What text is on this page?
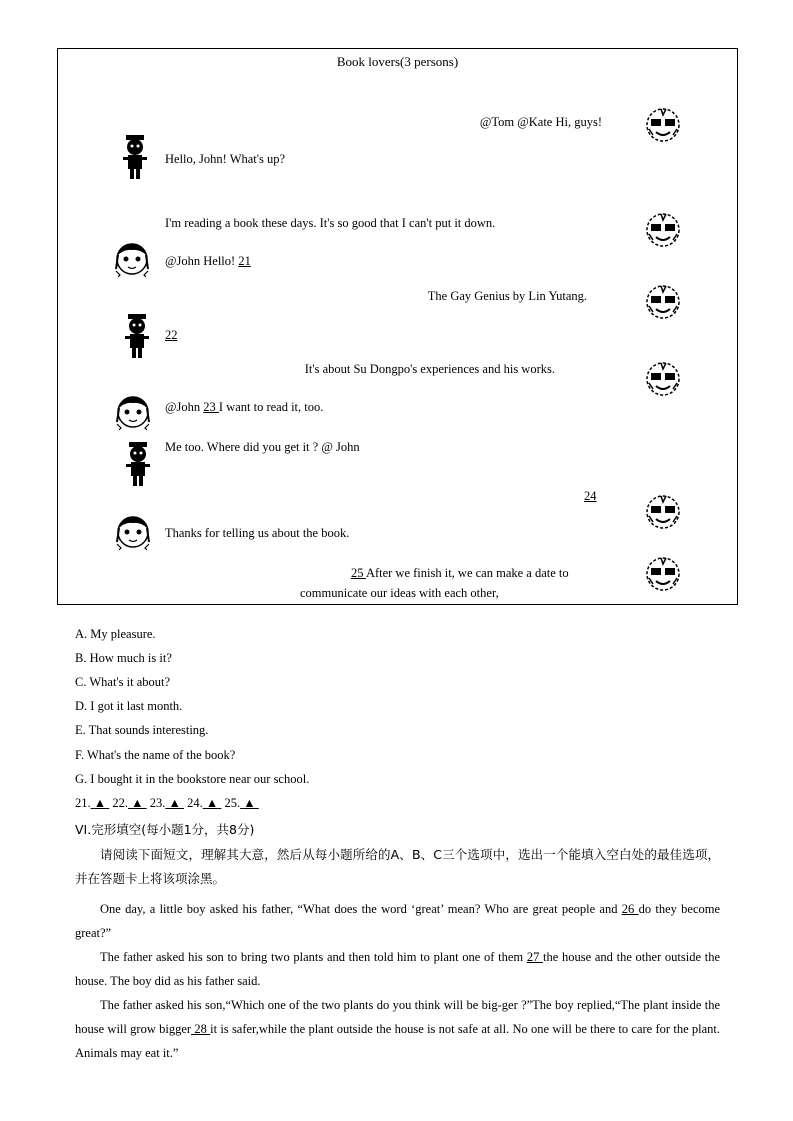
Book lovers(3 persons)
@Tom @Kate Hi, guys!
Hello, John! What's up?
I'm reading a book these days. It's so good that I can't put it down.
@John Hello! 21
The Gay Genius by Lin Yutang.
22
It's about Su Dongpo's experiences and his works.
@John 23 I want to read it, too.
Me too. Where did you get it ? @ John
24
Thanks for telling us about the book.
25 After we finish it, we can make a date to
communicate our ideas with each other,
A. My pleasure.
B. How much is it?
C. What's it about?
D. I got it last month.
E. That sounds interesting.
F. What's the name of the book?
G. I bought it in the bookstore near our school.
21. ▲ 22. ▲ 23. ▲ 24. ▲ 25. ▲
VI.完形填空(每小题1分，共8分)
请阅读下面短文，理解其大意，然后从每小题所给的A、B、C三个选项中，选出一个能填入空白处的最佳选项，并在答题卡上将该项涂黑。
One day, a little boy asked his father, “What does the word ‘great’ mean? Who are great people and 26 do they become great?”
The father asked his son to bring two plants and then told him to plant one of them 27 the house and the other outside the house. The boy did as his father said.
The father asked his son,“Which one of the two plants do you think will be big-ger ?”The boy replied,“The plant inside the house will grow bigger 28 it is safer,while the plant outside the house is not safe at all. No one will be there to care for the plant. Animals may eat it.”
